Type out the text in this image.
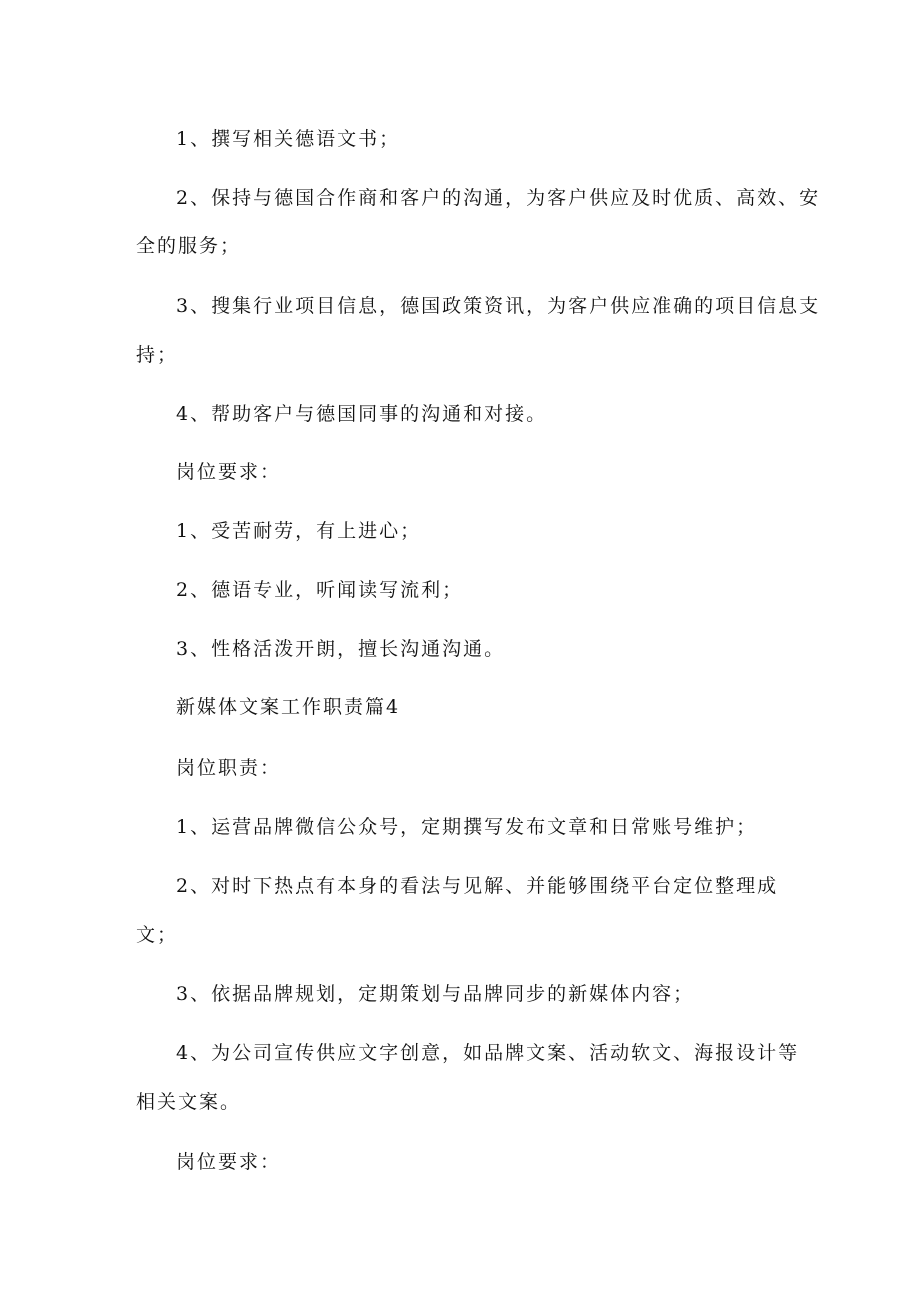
1、撰写相关德语文书；
2、保持与德国合作商和客户的沟通，为客户供应及时优质、高效、安
全的服务；
3、搜集行业项目信息，德国政策资讯，为客户供应准确的项目信息支
持；
4、帮助客户与德国同事的沟通和对接。
岗位要求：
1、受苦耐劳，有上进心；
2、德语专业，听闻读写流利；
3、性格活泼开朗，擅长沟通沟通。
新媒体文案工作职责篇4
岗位职责：
1、运营品牌微信公众号，定期撰写发布文章和日常账号维护；
2、对时下热点有本身的看法与见解、并能够围绕平台定位整理成
文；
3、依据品牌规划，定期策划与品牌同步的新媒体内容；
4、为公司宣传供应文字创意，如品牌文案、活动软文、海报设计等
相关文案。
岗位要求：
